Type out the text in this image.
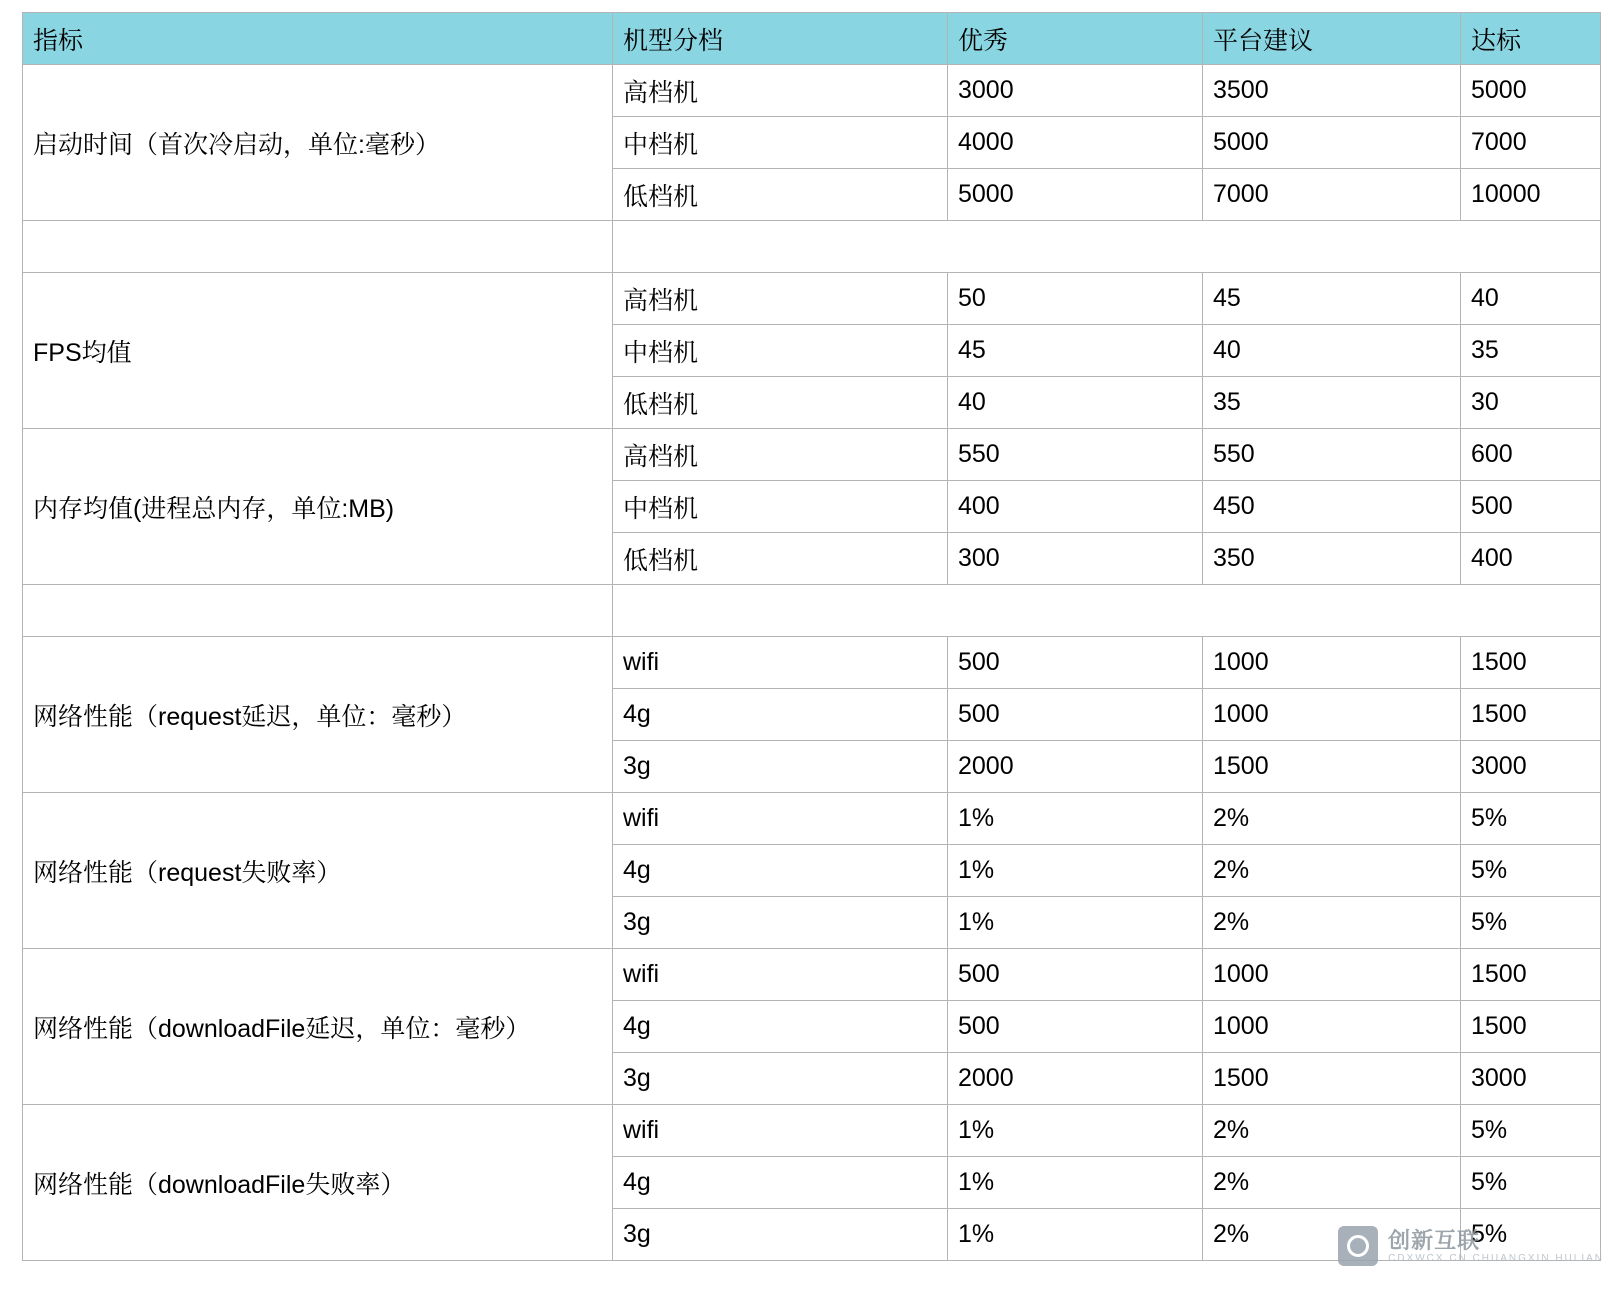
指标	机型分档	优秀	平台建议	达标
启动时间（首次冷启动，单位:毫秒）	高档机	3000	3500	5000
	中档机	4000	5000	7000
	低档机	5000	7000	10000

FPS均值	高档机	50	45	40
	中档机	45	40	35
	低档机	40	35	30
内存均值(进程总内存，单位:MB)	高档机	550	550	600
	中档机	400	450	500
	低档机	300	350	400

网络性能（request延迟，单位：毫秒）	wifi	500	1000	1500
	4g	500	1000	1500
	3g	2000	1500	3000
网络性能（request失败率）	wifi	1%	2%	5%
	4g	1%	2%	5%
	3g	1%	2%	5%
网络性能（downloadFile延迟，单位：毫秒）	wifi	500	1000	1500
	4g	500	1000	1500
	3g	2000	1500	3000
网络性能（downloadFile失败率）	wifi	1%	2%	5%
	4g	1%	2%	5%
	3g	1%	2%	5%
创新互联
CDXWCX.CN CHUANGXIN HULIAN
